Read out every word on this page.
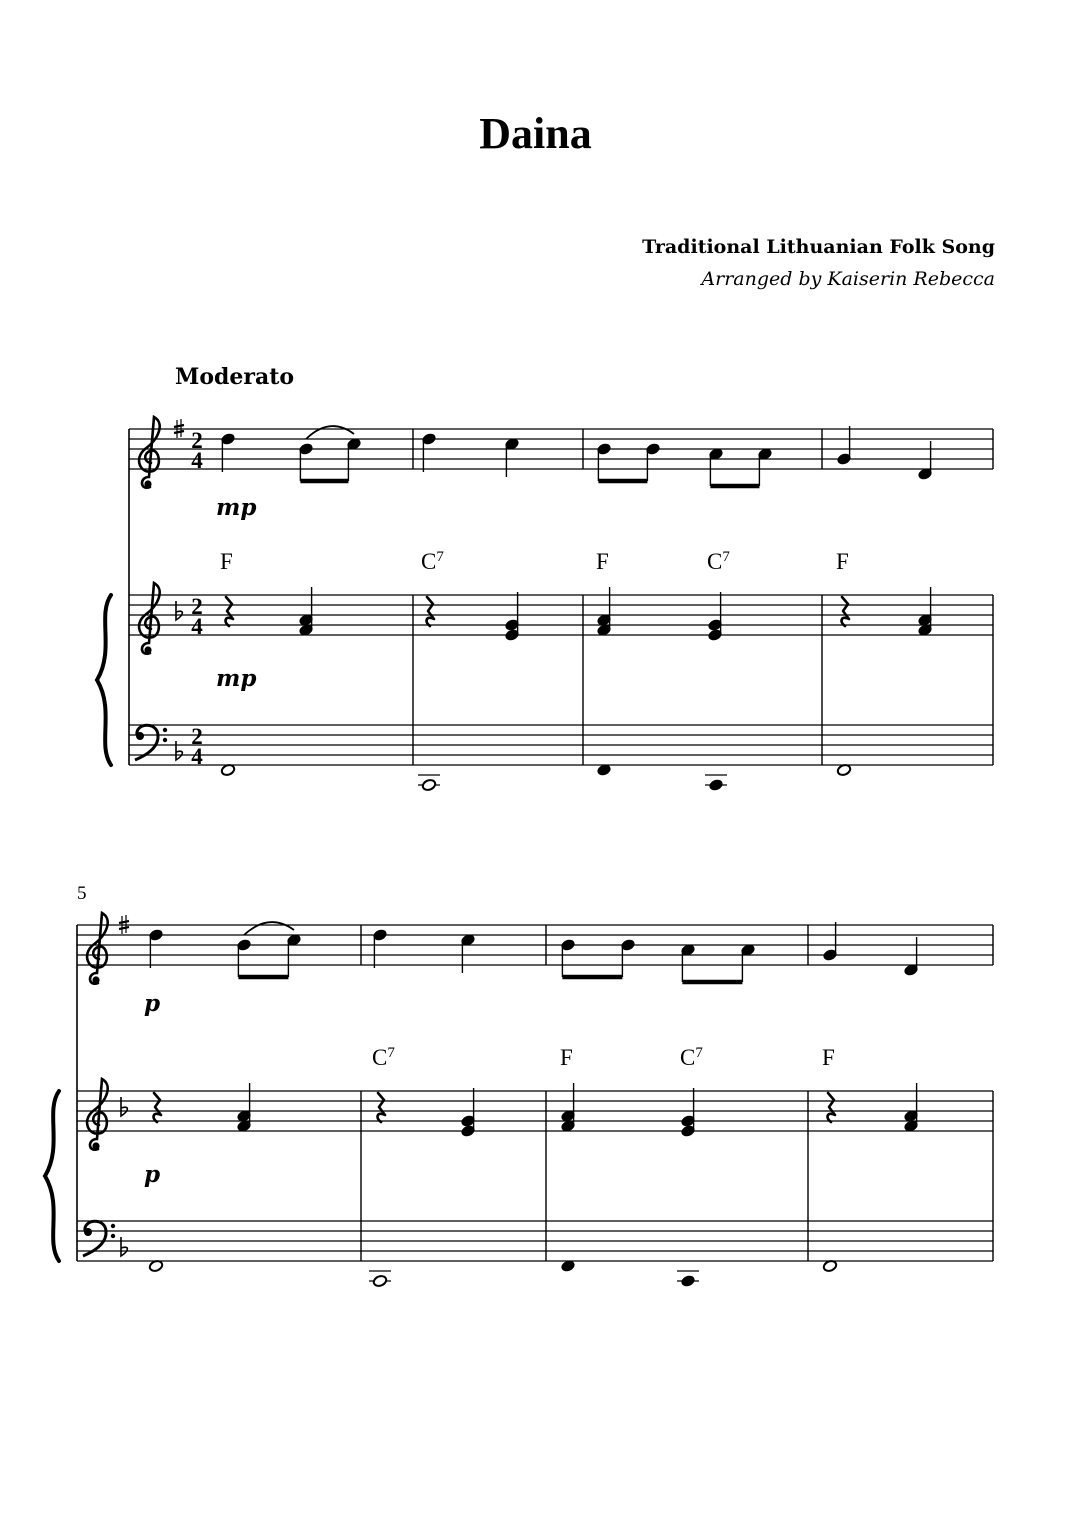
Daina
Traditional Lithuanian Folk Song
Arranged by Kaiserin Rebecca
Moderato
2
4
2
4
2
4
mp
mp
F	$C^7$	F	$C^7$	F
5
p
p
$C^7$	F	$C^7$	F
